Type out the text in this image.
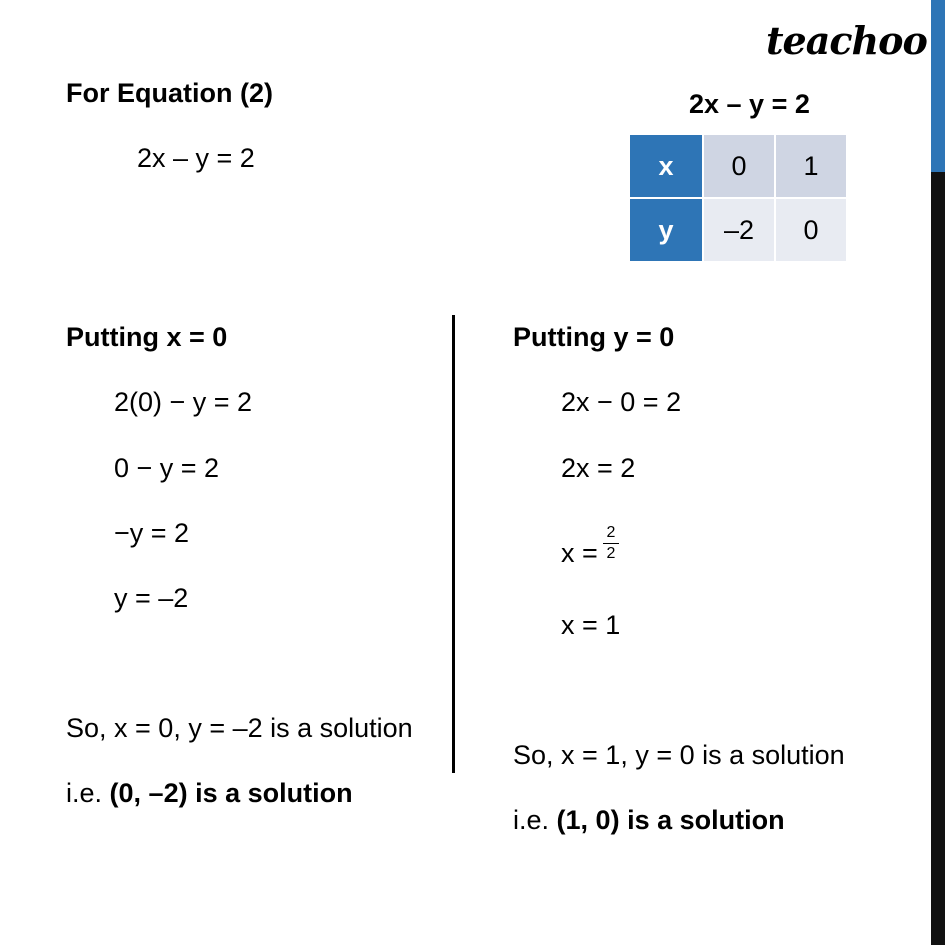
teachoo
For Equation (2)
2x – y = 2
2x – y = 2
x	0	1
y	–2	0
Putting x = 0
2(0) − y = 2
0 − y = 2
−y = 2
y = –2
So, x = 0, y = –2 is a solution
i.e. (0, –2) is a solution
Putting y = 0
2x − 0 = 2
2x = 2
$x = \frac{2}{2}$
x = 1
So, x = 1, y = 0 is a solution
i.e. (1, 0) is a solution
